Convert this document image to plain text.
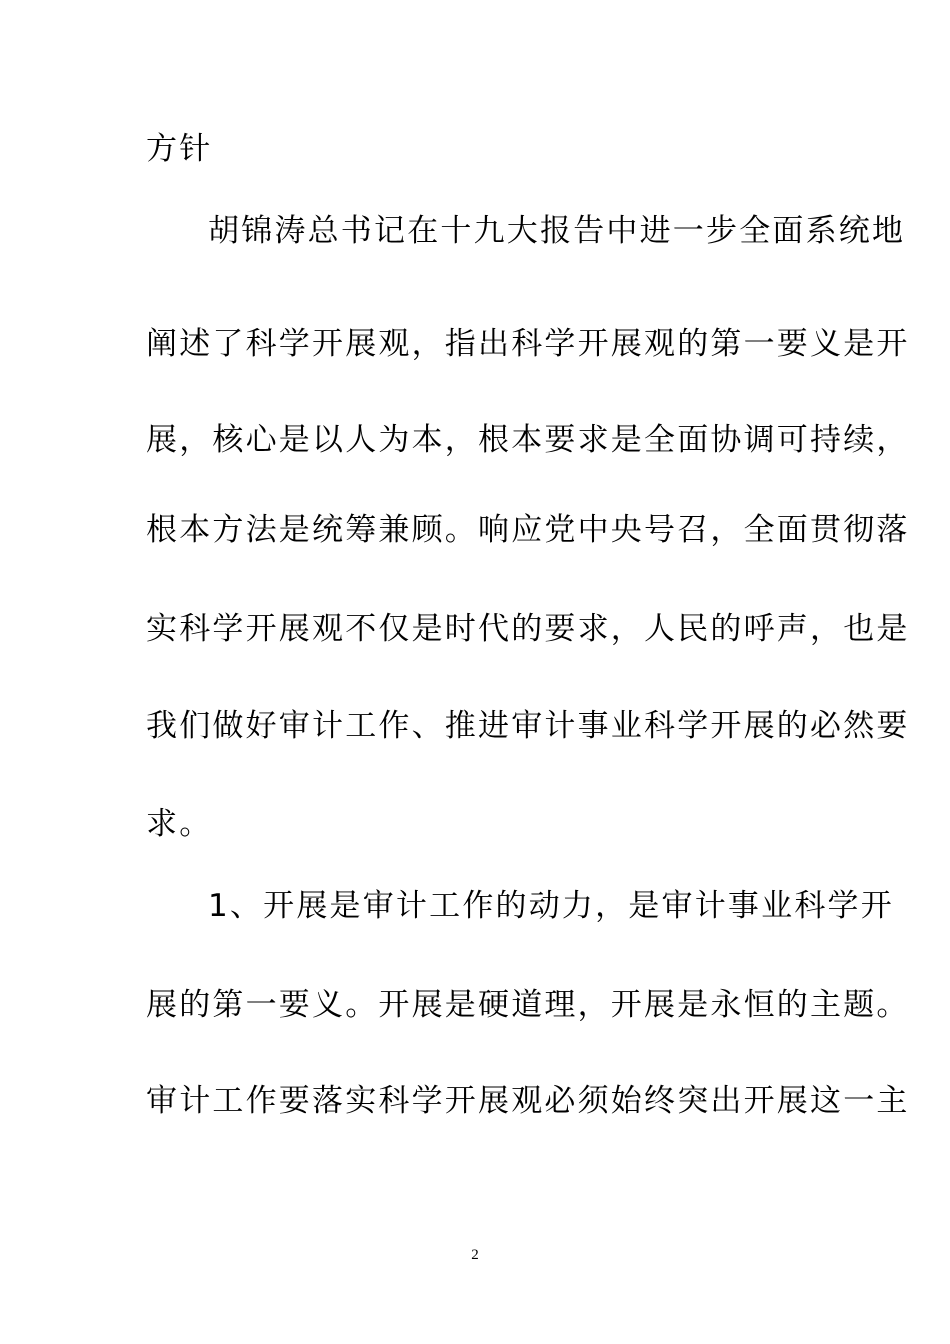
方针
胡锦涛总书记在十九大报告中进一步全面系统地
阐述了科学开展观，指出科学开展观的第一要义是开
展，核心是以人为本，根本要求是全面协调可持续，
根本方法是统筹兼顾。响应党中央号召，全面贯彻落
实科学开展观不仅是时代的要求，人民的呼声，也是
我们做好审计工作、推进审计事业科学开展的必然要
求。
1、开展是审计工作的动力，是审计事业科学开
展的第一要义。开展是硬道理，开展是永恒的主题。
审计工作要落实科学开展观必须始终突出开展这一主
2
